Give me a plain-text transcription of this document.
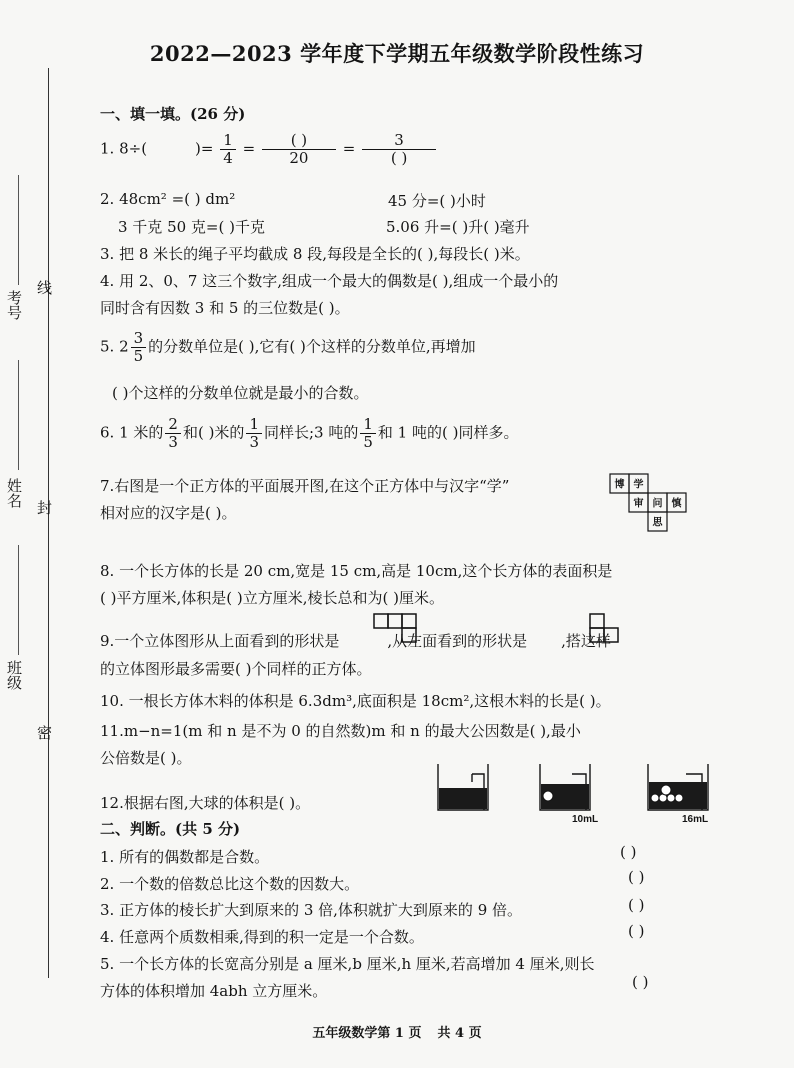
考号
姓名
班级
线
封
密
2022—2023 学年度下学期五年级数学阶段性练习
一、填一填。(26 分)
1. 8÷(	)= $\frac{1}{4} = \frac{( )}{20} = \frac{3}{( )}$
2. 48cm² =( ) dm²	45 分=( )小时
3 千克 50 克=( )千克	5.06 升=( )升( )毫升
3. 把 8 米长的绳子平均截成 8 段,每段是全长的( ),每段长( )米。
4. 用 2、0、7 这三个数字,组成一个最大的偶数是( ),组成一个最小的
同时含有因数 3 和 5 的三位数是( )。
5. $2 \frac{3}{5}$ 的分数单位是( ),它有( )个这样的分数单位,再增加
( )个这样的分数单位就是最小的合数。
6. 1 米的 $\frac{2}{3}$ 和( )米的 $\frac{1}{3}$ 同样长;3 吨的 $\frac{1}{5}$ 和 1 吨的( )同样多。
7.右图是一个正方体的平面展开图,在这个正方体中与汉字“学”
相对应的汉字是( )。
博 学
审 问 慎
思
8. 一个长方体的长是 20 cm,宽是 15 cm,高是 10cm,这个长方体的表面积是
( )平方厘米,体积是( )立方厘米,棱长总和为( )厘米。
9.一个立体图形从上面看到的形状是	,从左面看到的形状是 ,搭这样
的立体图形最多需要( )个同样的正方体。
10. 一根长方体木料的体积是 6.3dm³,底面积是 18cm²,这根木料的长是( )。
11.m−n=1(m 和 n 是不为 0 的自然数)m 和 n 的最大公因数是( ),最小
公倍数是( )。
12.根据右图,大球的体积是( )。
10mL	16mL
二、判断。(共 5 分)
1. 所有的偶数都是合数。	( )
2. 一个数的倍数总比这个数的因数大。	( )
3. 正方体的棱长扩大到原来的 3 倍,体积就扩大到原来的 9 倍。	( )
4. 任意两个质数相乘,得到的积一定是一个合数。	( )
5. 一个长方体的长宽高分别是 a 厘米,b 厘米,h 厘米,若高增加 4 厘米,则长
方体的体积增加 4abh 立方厘米。	( )
五年级数学第 1 页 共 4 页
